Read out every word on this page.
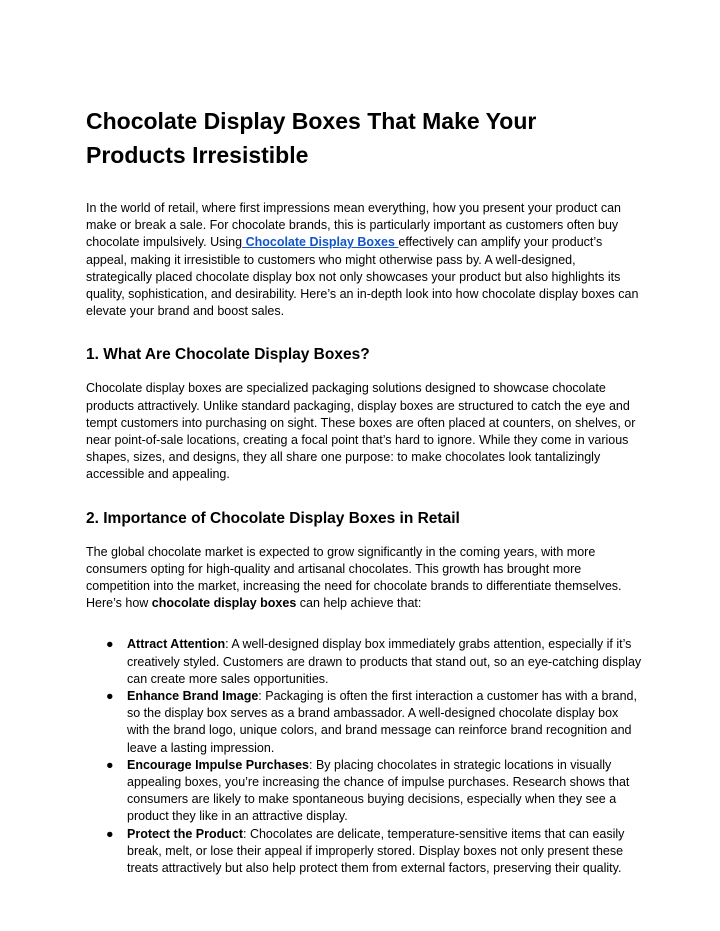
Chocolate Display Boxes That Make Your Products Irresistible

In the world of retail, where first impressions mean everything, how you present your product can make or break a sale. For chocolate brands, this is particularly important as customers often buy chocolate impulsively. Using Chocolate Display Boxes effectively can amplify your product’s appeal, making it irresistible to customers who might otherwise pass by. A well-designed, strategically placed chocolate display box not only showcases your product but also highlights its quality, sophistication, and desirability. Here’s an in-depth look into how chocolate display boxes can elevate your brand and boost sales.

1. What Are Chocolate Display Boxes?

Chocolate display boxes are specialized packaging solutions designed to showcase chocolate products attractively. Unlike standard packaging, display boxes are structured to catch the eye and tempt customers into purchasing on sight. These boxes are often placed at counters, on shelves, or near point-of-sale locations, creating a focal point that’s hard to ignore. While they come in various shapes, sizes, and designs, they all share one purpose: to make chocolates look tantalizingly accessible and appealing.

2. Importance of Chocolate Display Boxes in Retail

The global chocolate market is expected to grow significantly in the coming years, with more consumers opting for high-quality and artisanal chocolates. This growth has brought more competition into the market, increasing the need for chocolate brands to differentiate themselves. Here’s how chocolate display boxes can help achieve that:

● Attract Attention: A well-designed display box immediately grabs attention, especially if it’s creatively styled. Customers are drawn to products that stand out, so an eye-catching display can create more sales opportunities.
● Enhance Brand Image: Packaging is often the first interaction a customer has with a brand, so the display box serves as a brand ambassador. A well-designed chocolate display box with the brand logo, unique colors, and brand message can reinforce brand recognition and leave a lasting impression.
● Encourage Impulse Purchases: By placing chocolates in strategic locations in visually appealing boxes, you’re increasing the chance of impulse purchases. Research shows that consumers are likely to make spontaneous buying decisions, especially when they see a product they like in an attractive display.
● Protect the Product: Chocolates are delicate, temperature-sensitive items that can easily break, melt, or lose their appeal if improperly stored. Display boxes not only present these treats attractively but also help protect them from external factors, preserving their quality.
